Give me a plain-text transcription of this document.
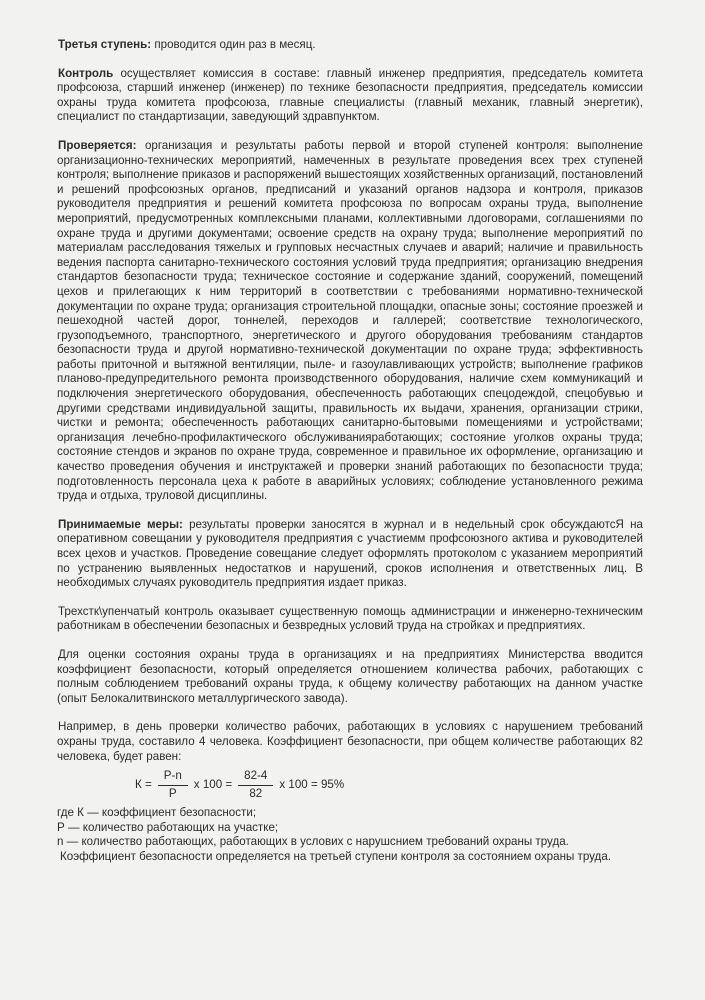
Третья ступень: проводится один раз в месяц.

Контроль осуществляет комиссия в составе: главный инженер предприятия, председатель комитета профсоюза, старший инженер (инженер) по технике безопасности предприятия, председатель комиссии охраны труда комитета профсоюза, главные специалисты (главный механик, главный энергетик), специалист по стандартизации, заведующий здравпунктом.

Проверяется: организация и результаты работы первой и второй ступеней контроля: выполнение организационно-технических мероприятий, намеченных в результате проведения всех трех ступеней контроля; выполнение приказов и распоряжений вышестоящих хозяйственных организаций, постановлений и решений профсоюзных органов, предписаний и указаний органов надзора и контроля, приказов руководителя предприятия и решений комитета профсоюза по вопросам охраны труда, выполнение мероприятий, предусмотренных комплексными планами, коллективными лдоговорами, соглашениями по охране труда и другими документами; освоение средств на охрану труда; выполнение мероприятий по материалам расследования тяжелых и групповых несчастных случаев и аварий; наличие и правильность ведения паспорта санитарно-технического состояния условий труда предприятия; организацию внедрения стандартов безопасности труда; техническое состояние и содержание зданий, сооружений, помещений цехов и прилегающих к ним территорий в соответствии с требованиями нормативно-технической документации по охране труда; организация строительной площадки, опасные зоны; состояние проезжей и пешеходной частей дорог, тоннелей, переходов и галлерей; соответствие технологического, грузоподъемного, транспортного, энергетического и другого оборудования требованиям стандартов безопасности труда и другой нормативно-технической документации по охране труда; эффективность работы приточной и вытяжной вентиляции, пыле- и газоулавливающих устройств; выполнение графиков планово-предупредительного ремонта производственного оборудования, наличие схем коммуникаций и подключения энергетического оборудования, обеспеченность работающих спецодеждой, спецобувью и другими средствами индивидуальной защиты, правильность их выдачи, хранения, организации стрики, чистки и ремонта; обеспеченность работающих санитарно-бытовыми помещениями и устройствами; организация лечебно-профилактического обслуживанияработающих; состояние уголков охраны труда; состояние стендов и экранов по охране труда, современное и правильное их оформление, организацию и качество проведения обучения и инструктажей и проверки знаний работающих по безопасности труда; подготовленность персонала цеха к работе в аварийных условиях; соблюдение установленного режима труда и отдыха, труловой дисциплины.

Принимаемые меры: результаты проверки заносятся в журнал и в недельный срок обсуждаютсЯ на оперативном совещании у руководителя предприятия с участиемм профсоюзного актива и руководителей всех цехов и участков. Проведение совещание следует оформлять протоколом с указанием мероприятий по устранению выявленных недостатков и нарушений, сроков исполнения и ответственных лиц. В необходимых случаях руководитель предприятия издает приказ.

Трехстк\упенчатый контроль оказывает существенную помощь администрации и инженерно-техническим работникам в обеспечении безопасных и безвредных условий труда на стройках и предприятиях.

Для оценки состояния охраны труда в организациях и на предприятиях Министерства вводится коэффициент безопасности, который определяется отношением количества рабочих, работающих с полным соблюдением требований охраны труда, к общему количеству работающих на данном участке (опыт Белокалитвинского металлургического завода).

Например, в день проверки количество рабочих, работающих в условиях с нарушением требований охраны труда, составило 4 человека. Коэффициент безопасности, при общем количестве работающих 82 человека, будет равен:

$К = \frac{Р-n}{Р}$ х $100 = \frac{82-4}{82}$ х 100 = 95%
где К — коэффициент безопасности;
Р — количество работающих на участке;
n — количество работающих, работающих в услових с нарушснием требований охраны труда.

Коэффициент безопасности определяется на третьей ступени контроля за состоянием охраны труда.
